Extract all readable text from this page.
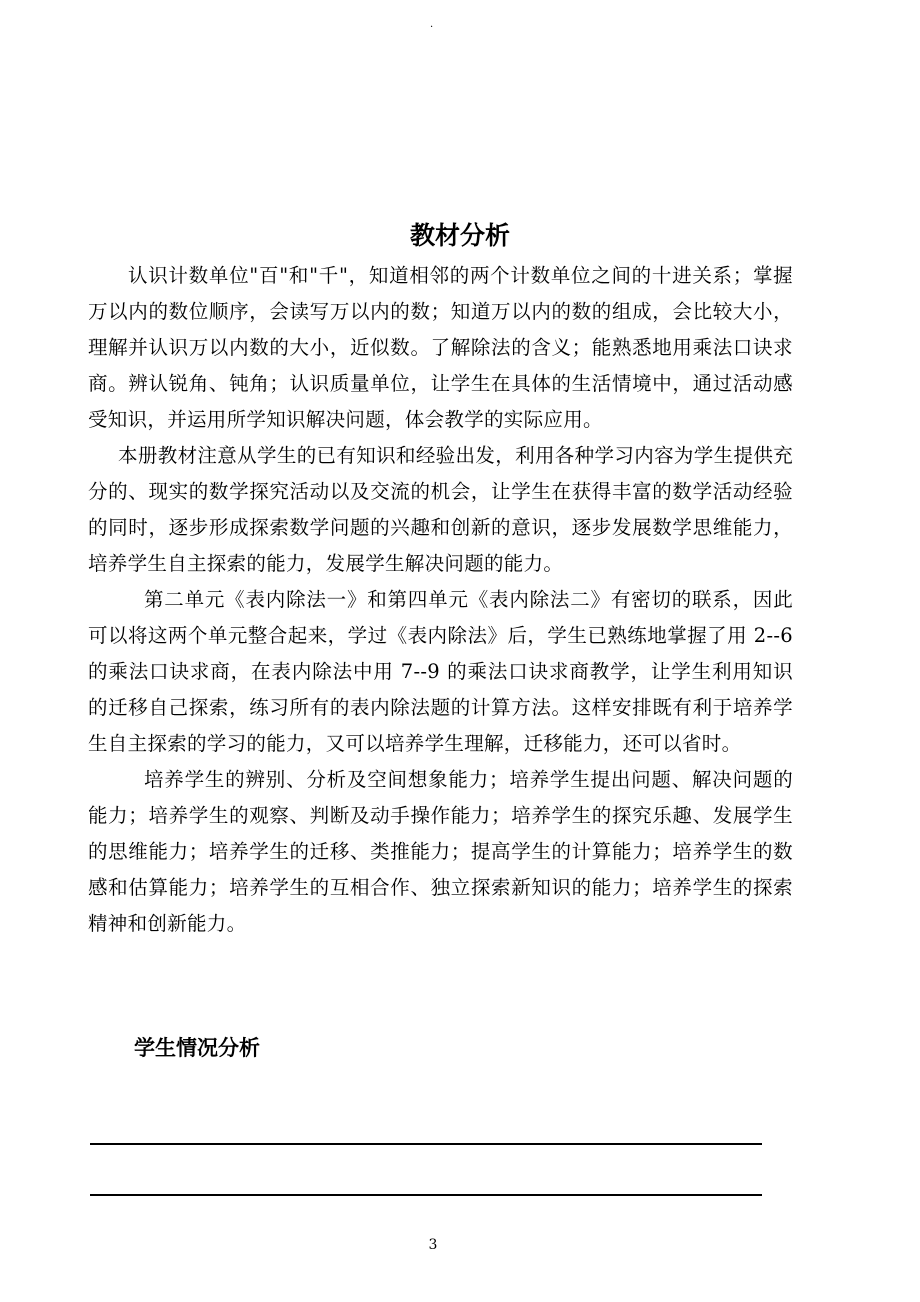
.
教材分析

认识计数单位"百"和"千"，知道相邻的两个计数单位之间的十进关系；掌握万以内的数位顺序，会读写万以内的数；知道万以内的数的组成，会比较大小，理解并认识万以内数的大小，近似数。了解除法的含义；能熟悉地用乘法口诀求商。辨认锐角、钝角；认识质量单位，让学生在具体的生活情境中，通过活动感受知识，并运用所学知识解决问题，体会教学的实际应用。

本册教材注意从学生的已有知识和经验出发，利用各种学习内容为学生提供充分的、现实的数学探究活动以及交流的机会，让学生在获得丰富的数学活动经验的同时，逐步形成探索数学问题的兴趣和创新的意识，逐步发展数学思维能力，培养学生自主探索的能力，发展学生解决问题的能力。

第二单元《表内除法一》和第四单元《表内除法二》有密切的联系，因此可以将这两个单元整合起来，学过《表内除法》后，学生已熟练地掌握了用 2--6 的乘法口诀求商，在表内除法中用 7--9 的乘法口诀求商教学，让学生利用知识的迁移自己探索，练习所有的表内除法题的计算方法。这样安排既有利于培养学生自主探索的学习的能力，又可以培养学生理解，迁移能力，还可以省时。

培养学生的辨别、分析及空间想象能力；培养学生提出问题、解决问题的能力；培养学生的观察、判断及动手操作能力；培养学生的探究乐趣、发展学生的思维能力；培养学生的迁移、类推能力；提高学生的计算能力；培养学生的数感和估算能力；培养学生的互相合作、独立探索新知识的能力；培养学生的探索精神和创新能力。

学生情况分析
3
